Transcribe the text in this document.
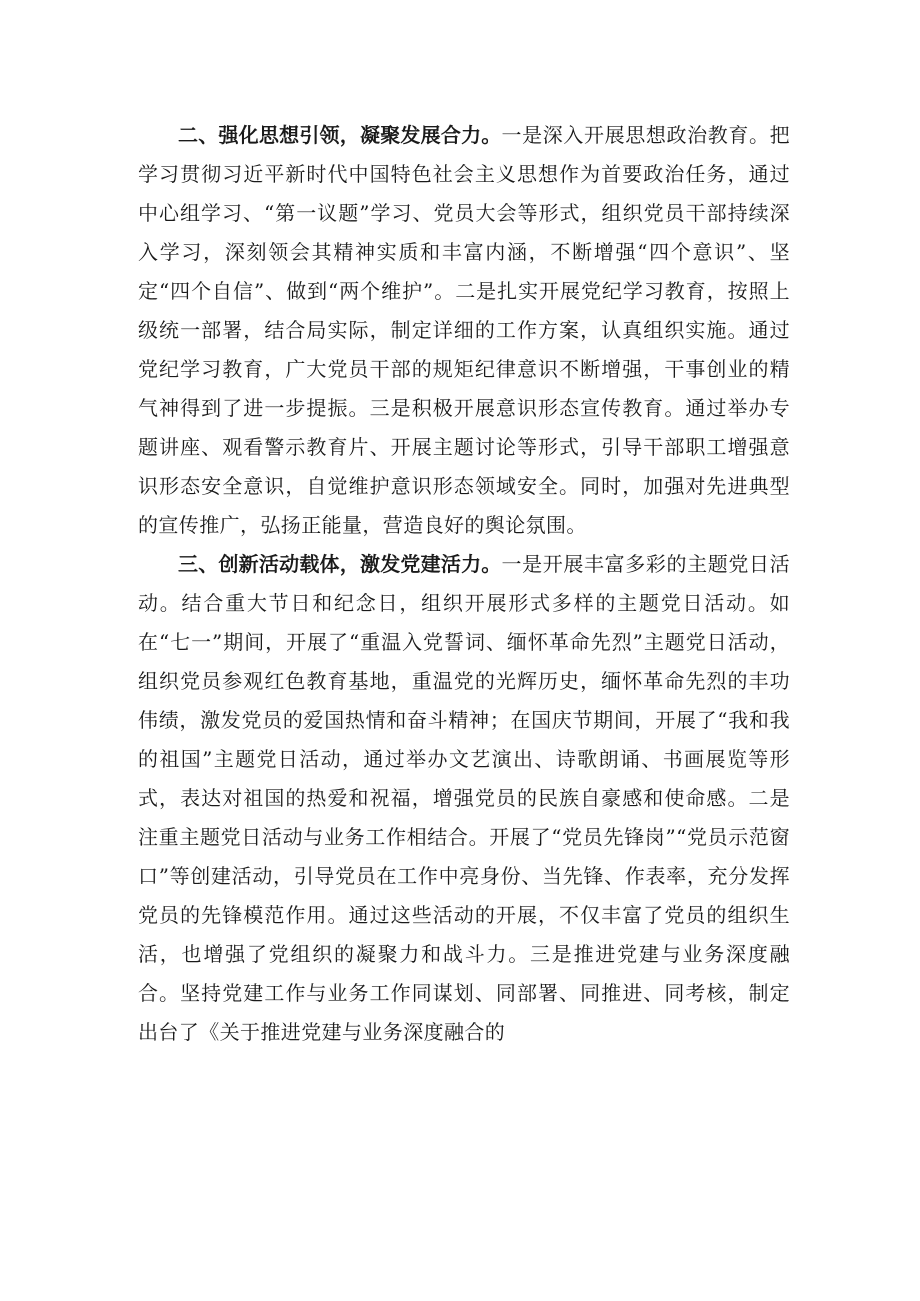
二、强化思想引领，凝聚发展合力。一是深入开展思想政治教育。把学习贯彻习近平新时代中国特色社会主义思想作为首要政治任务，通过中心组学习、“第一议题”学习、党员大会等形式，组织党员干部持续深入学习，深刻领会其精神实质和丰富内涵，不断增强“四个意识”、坚定“四个自信”、做到“两个维护”。二是扎实开展党纪学习教育，按照上级统一部署，结合局实际，制定详细的工作方案，认真组织实施。通过党纪学习教育，广大党员干部的规矩纪律意识不断增强，干事创业的精气神得到了进一步提振。三是积极开展意识形态宣传教育。通过举办专题讲座、观看警示教育片、开展主题讨论等形式，引导干部职工增强意识形态安全意识，自觉维护意识形态领域安全。同时，加强对先进典型的宣传推广，弘扬正能量，营造良好的舆论氛围。

三、创新活动载体，激发党建活力。一是开展丰富多彩的主题党日活动。结合重大节日和纪念日，组织开展形式多样的主题党日活动。如在“七一”期间，开展了“重温入党誓词、缅怀革命先烈”主题党日活动，组织党员参观红色教育基地，重温党的光辉历史，缅怀革命先烈的丰功伟绩，激发党员的爱国热情和奋斗精神；在国庆节期间，开展了“我和我的祖国”主题党日活动，通过举办文艺演出、诗歌朗诵、书画展览等形式，表达对祖国的热爱和祝福，增强党员的民族自豪感和使命感。二是注重主题党日活动与业务工作相结合。开展了“党员先锋岗”“党员示范窗口”等创建活动，引导党员在工作中亮身份、当先锋、作表率，充分发挥党员的先锋模范作用。通过这些活动的开展，不仅丰富了党员的组织生活，也增强了党组织的凝聚力和战斗力。三是推进党建与业务深度融合。坚持党建工作与业务工作同谋划、同部署、同推进、同考核，制定出台了《关于推进党建与业务深度融合的
